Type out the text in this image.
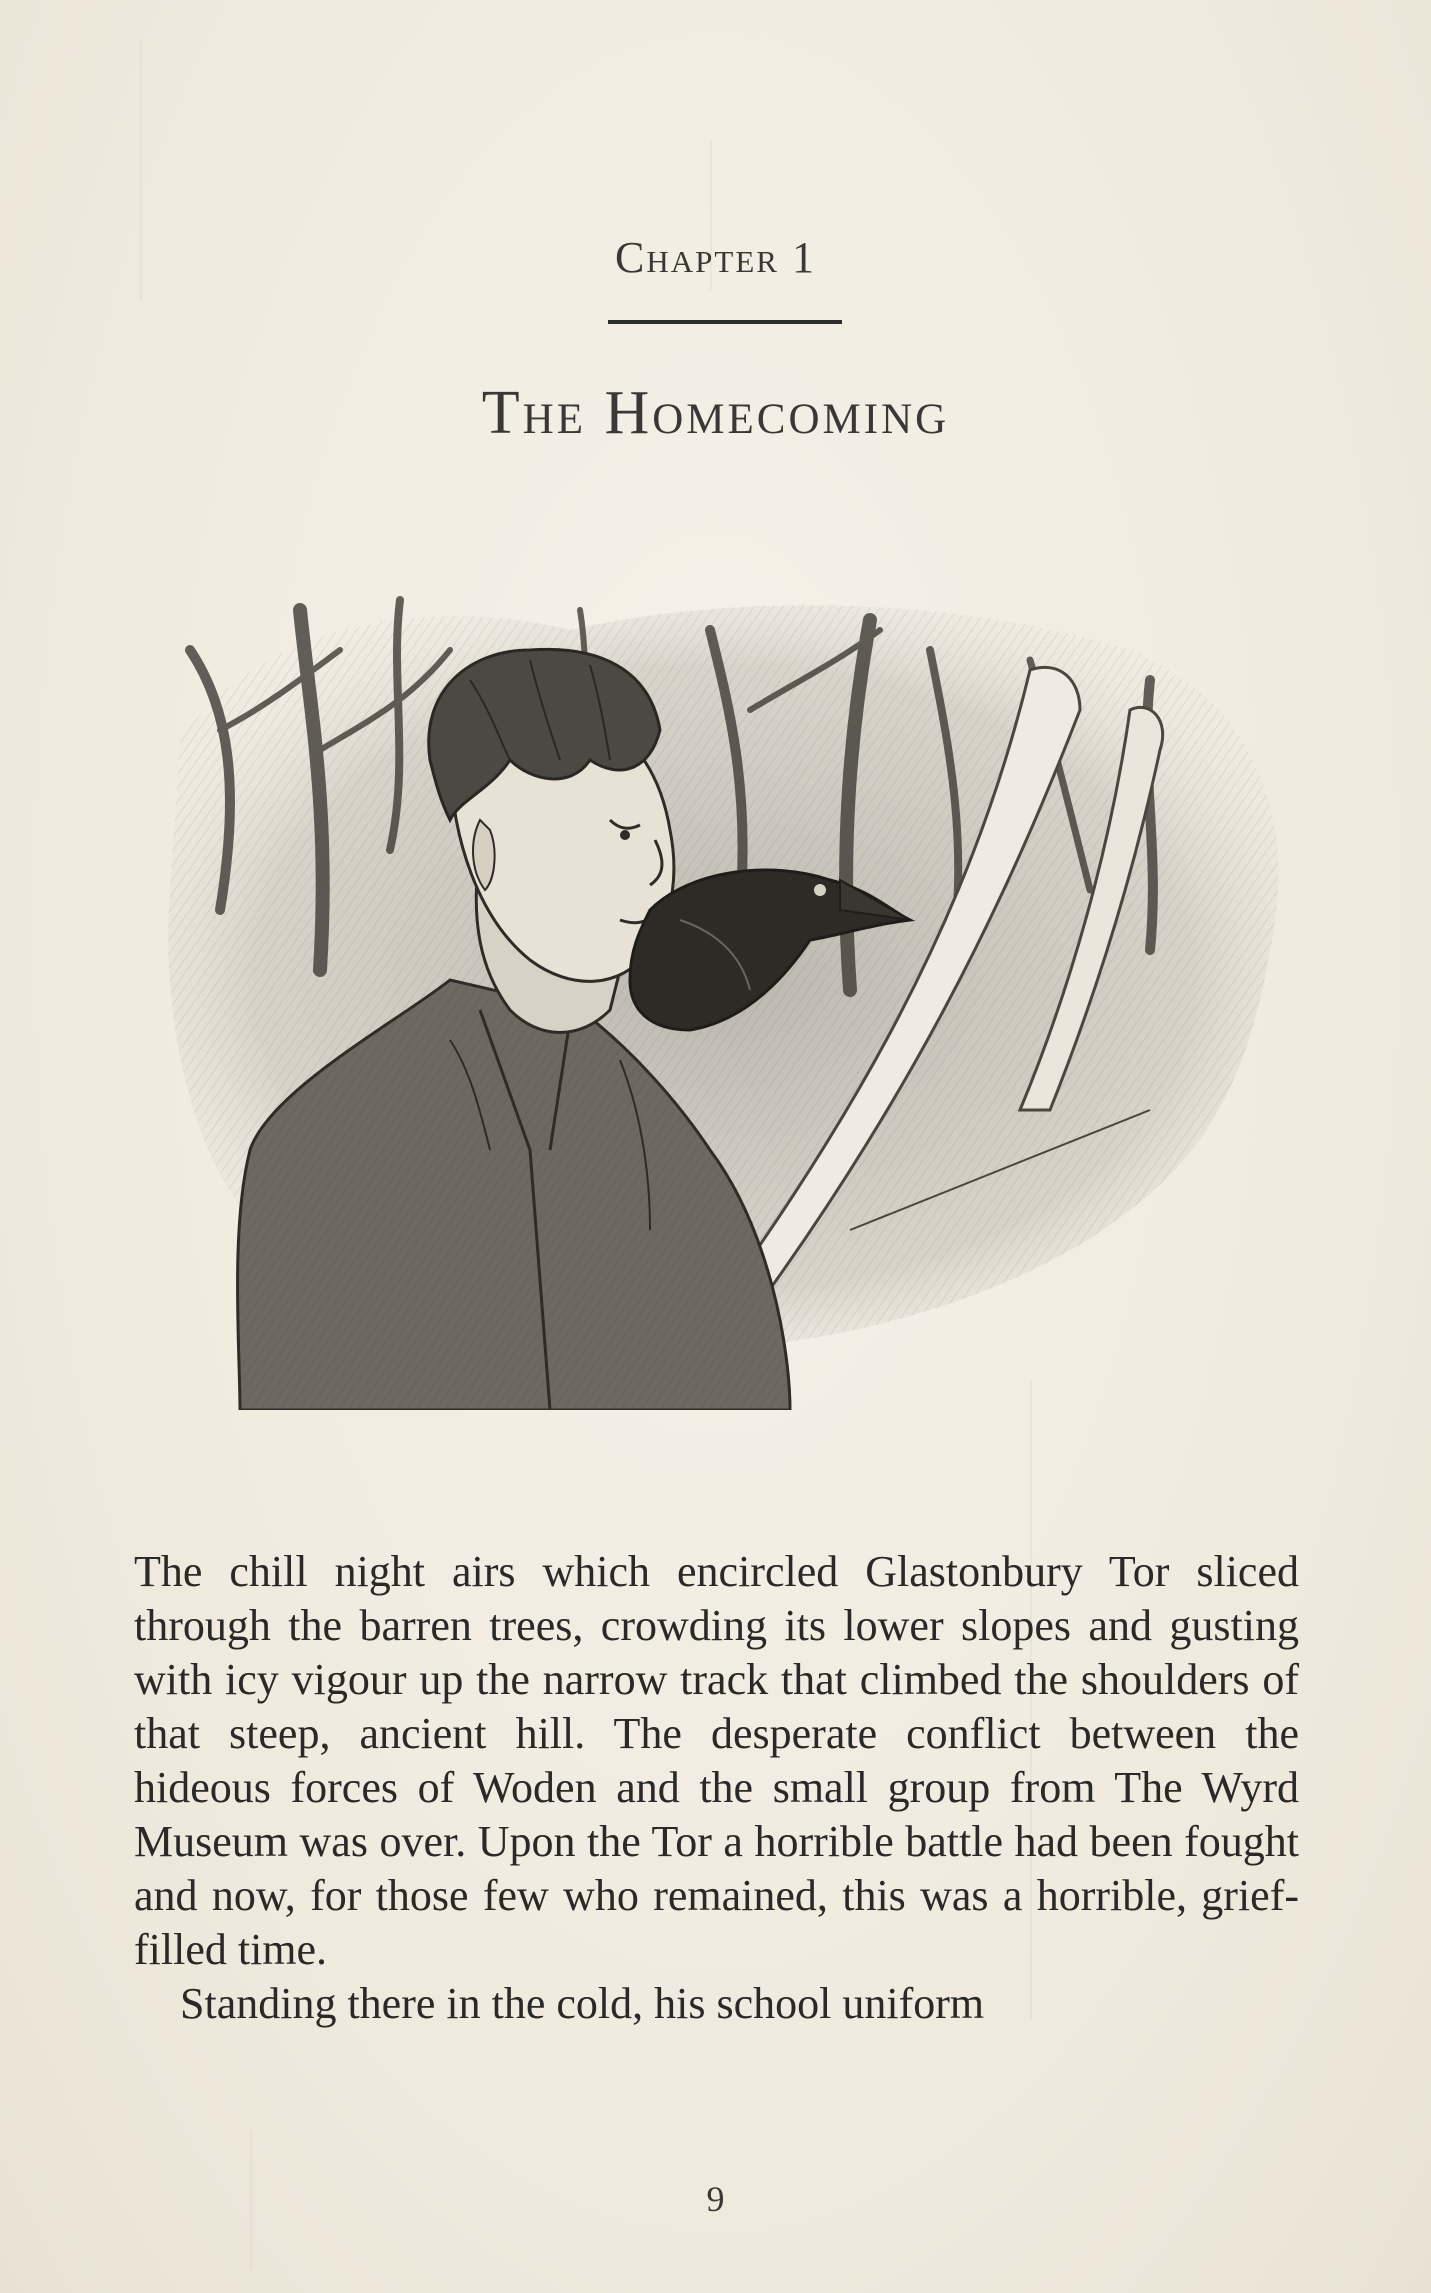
Chapter 1
The Homecoming

The chill night airs which encircled Glastonbury Tor sliced through the barren trees, crowding its lower slopes and gusting with icy vigour up the narrow track that climbed the shoulders of that steep, ancient hill. The desperate conflict between the hideous forces of Woden and the small group from The Wyrd Museum was over. Upon the Tor a horrible battle had been fought and now, for those few who remained, this was a horrible, grief-filled time.

Standing there in the cold, his school uniform

9
